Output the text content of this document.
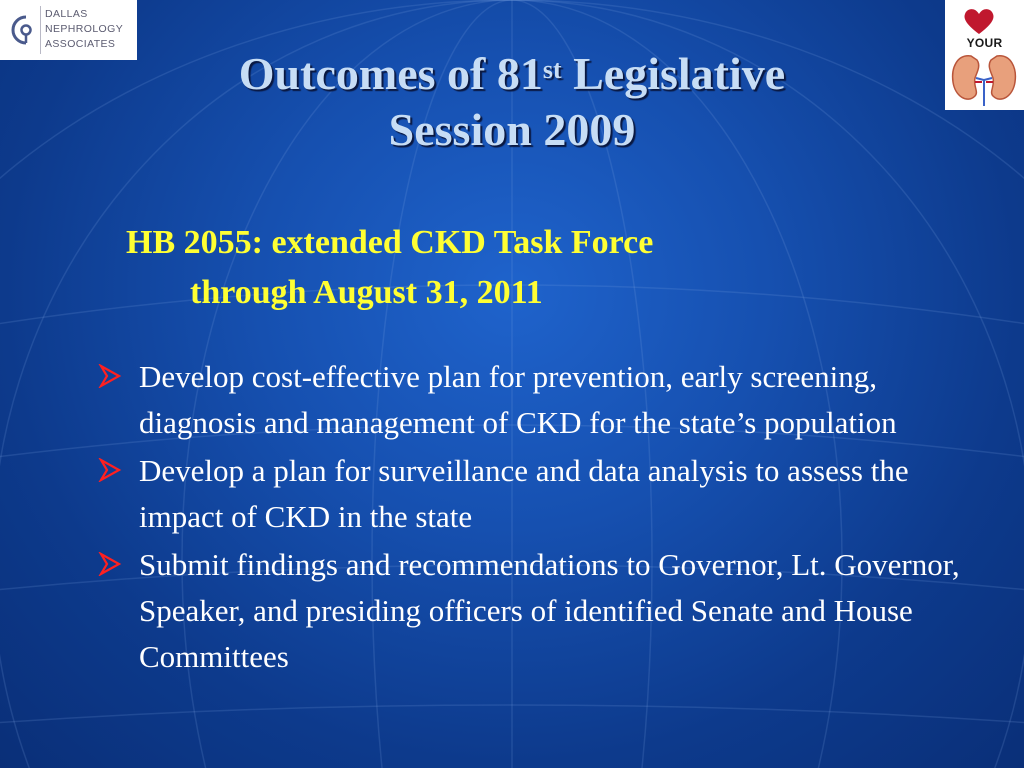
DALLAS
NEPHROLOGY
ASSOCIATES	YOUR
Outcomes of 81st Legislative
Session 2009
HB 2055: extended CKD Task Force
through August 31, 2011
Develop cost-effective plan for prevention, early screening, diagnosis and management of CKD for the state’s population
Develop a plan for surveillance and data analysis to assess the impact of CKD in the state
Submit findings and recommendations to Governor, Lt. Governor, Speaker, and presiding officers of identified Senate and House Committees
